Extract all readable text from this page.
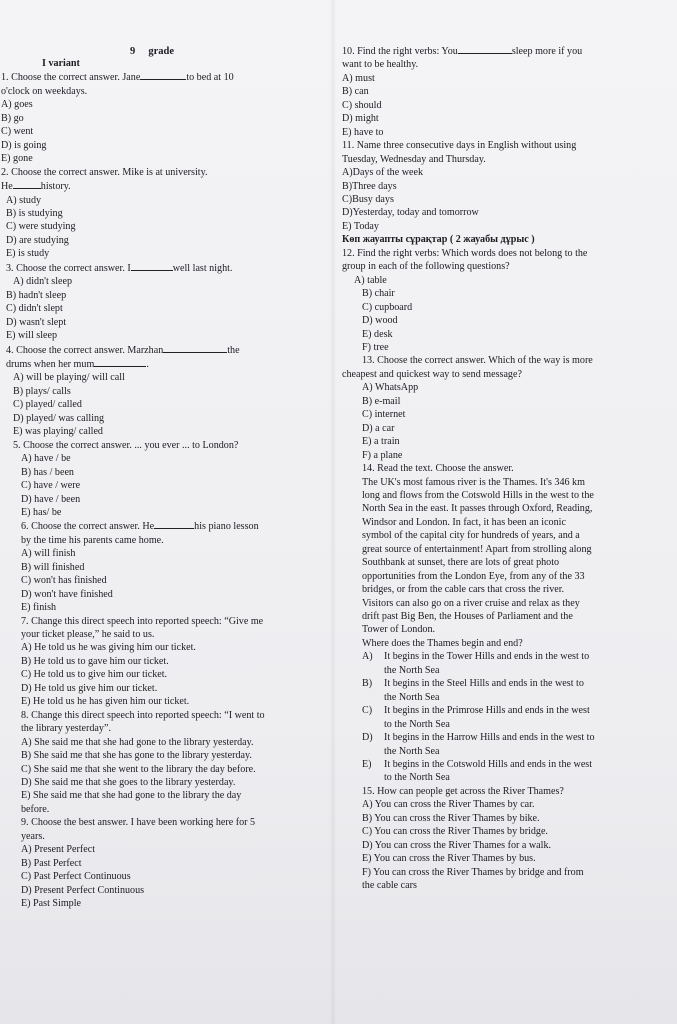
9 grade
I variant
1. Choose the correct answer. Jane	to bed at 10
o'clock on weekdays.
A) goes
B) go
C) went
D) is going
E) gone
2. Choose the correct answer. Mike is at university.
He	history.
A) study
B) is studying
C) were studying
D) are studying
E) is study
3. Choose the correct answer. I	well last night.
A) didn't sleep
B) hadn't sleep
C) didn't slept
D) wasn't slept
E) will sleep
4. Choose the correct answer. Marzhan	the
drums when her mum	.
A) will be playing/ will call
B) plays/ calls
C) played/ called
D) played/ was calling
E) was playing/ called
5. Choose the correct answer. ... you ever ... to London?
A) have / be
B) has / been
C) have / were
D) have / been
E) has/ be
6. Choose the correct answer. He	his piano lesson
by the time his parents came home.
A) will finish
B) will finished
C) won't has finished
D) won't have finished
E) finish
7. Change this direct speech into reported speech: “Give me
your ticket please,” he said to us.
A) He told us he was giving him our ticket.
B) He told us to gave him our ticket.
C) He told us to give him our ticket.
D) He told us give him our ticket.
E) He told us he has given him our ticket.
8. Change this direct speech into reported speech: “I went to
the library yesterday”.
A) She said me that she had gone to the library yesterday.
B) She said me that she has gone to the library yesterday.
C) She said me that she went to the library the day before.
D) She said me that she goes to the library yesterday.
E) She said me that she had gone to the library the day
before.
9. Choose the best answer. I have been working here for 5
years.
A) Present Perfect
B) Past Perfect
C) Past Perfect Continuous
D) Present Perfect Continuous
E) Past Simple
10. Find the right verbs: You	sleep more if you
want to be healthy.
A) must
B) can
C) should
D) might
E) have to
11. Name three consecutive days in English without using
Tuesday, Wednesday and Thursday.
A)Days of the week
B)Three days
C)Busy days
D)Yesterday, today and tomorrow
E) Today
Көп жауапты сұрақтар ( 2 жауабы дұрыс )
12. Find the right verbs: Which words does not belong to the
group in each of the following questions?
A) table
B) chair
C) cupboard
D) wood
E) desk
F) tree
13. Choose the correct answer. Which of the way is more
cheapest and quickest way to send message?
A) WhatsApp
B) e-mail
C) internet
D) a car
E) a train
F) a plane
14. Read the text. Choose the answer.
The UK's most famous river is the Thames. It's 346 km
long and flows from the Cotswold Hills in the west to the
North Sea in the east. It passes through Oxford, Reading,
Windsor and London. In fact, it has been an iconic
symbol of the capital city for hundreds of years, and a
great source of entertainment! Apart from strolling along
Southbank at sunset, there are lots of great photo
opportunities from the London Eye, from any of the 33
bridges, or from the cable cars that cross the river.
Visitors can also go on a river cruise and relax as they
drift past Big Ben, the Houses of Parliament and the
Tower of London.
Where does the Thames begin and end?
A)	It begins in the Tower Hills and ends in the west to
the North Sea
B)	It begins in the Steel Hills and ends in the west to
the North Sea
C)	It begins in the Primrose Hills and ends in the west
to the North Sea
D)	It begins in the Harrow Hills and ends in the west to
the North Sea
E)	It begins in the Cotswold Hills and ends in the west
to the North Sea
15. How can people get across the River Thames?
A) You can cross the River Thames by car.
B) You can cross the River Thames by bike.
C) You can cross the River Thames by bridge.
D) You can cross the River Thames for a walk.
E) You can cross the River Thames by bus.
F) You can cross the River Thames by bridge and from
the cable cars
